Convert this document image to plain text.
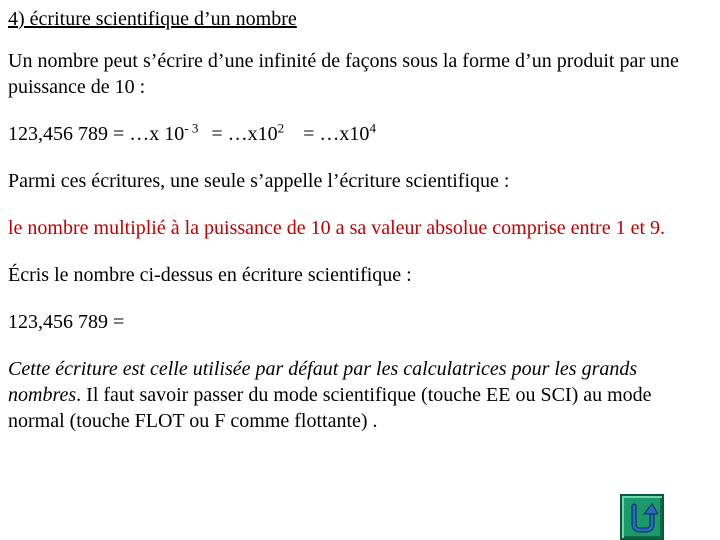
4) écriture scientifique d’un nombre
Un nombre peut s’écrire d’une infinité de façons sous la forme d’un produit par une puissance de 10 :
123,456 789 = …x $10^{- 3}$ = $\dots x10^2$ = $\dots x10^4$
Parmi ces écritures, une seule s’appelle l’écriture scientifique :
le nombre multiplié à la puissance de 10 a sa valeur absolue comprise entre 1 et 9.
Écris le nombre ci-dessus en écriture scientifique :
123,456 789 =
Cette écriture est celle utilisée par défaut par les calculatrices pour les grands nombres. Il faut savoir passer du mode scientifique (touche EE ou SCI) au mode normal (touche FLOT ou F comme flottante) .
